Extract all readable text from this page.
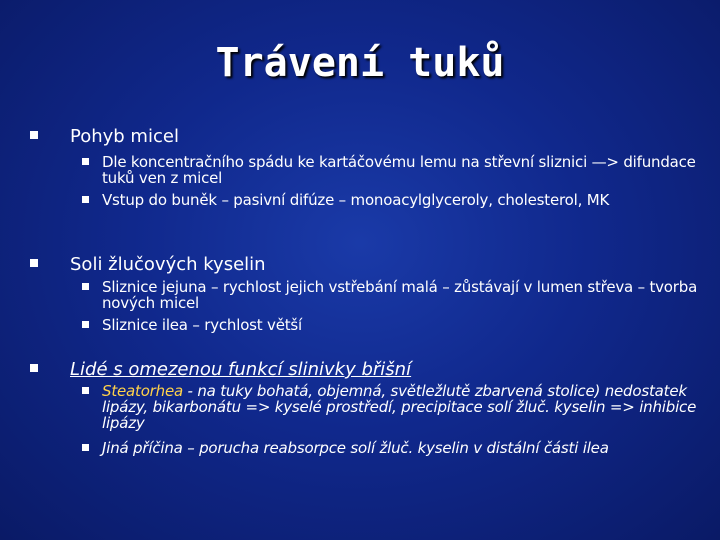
Trávení tuků
Pohyb micel
Dle koncentračního spádu ke kartáčovému lemu na střevní sliznici —> difundace tuků ven z micel
Vstup do buněk – pasivní difúze – monoacylglyceroly, cholesterol, MK
Soli žlučových kyselin
Sliznice jejuna – rychlost jejich vstřebání malá – zůstávají v lumen střeva – tvorba nových micel
Sliznice ilea – rychlost větší
Lidé s omezenou funkcí slinivky břišní
Steatorhea - na tuky bohatá, objemná, světležlutě zbarvená stolice) nedostatek lipázy, bikarbonátu => kyselé prostředí, precipitace solí žluč. kyselin => inhibice lipázy
Jiná příčina – porucha reabsorpce solí žluč. kyselin v distální části ilea
